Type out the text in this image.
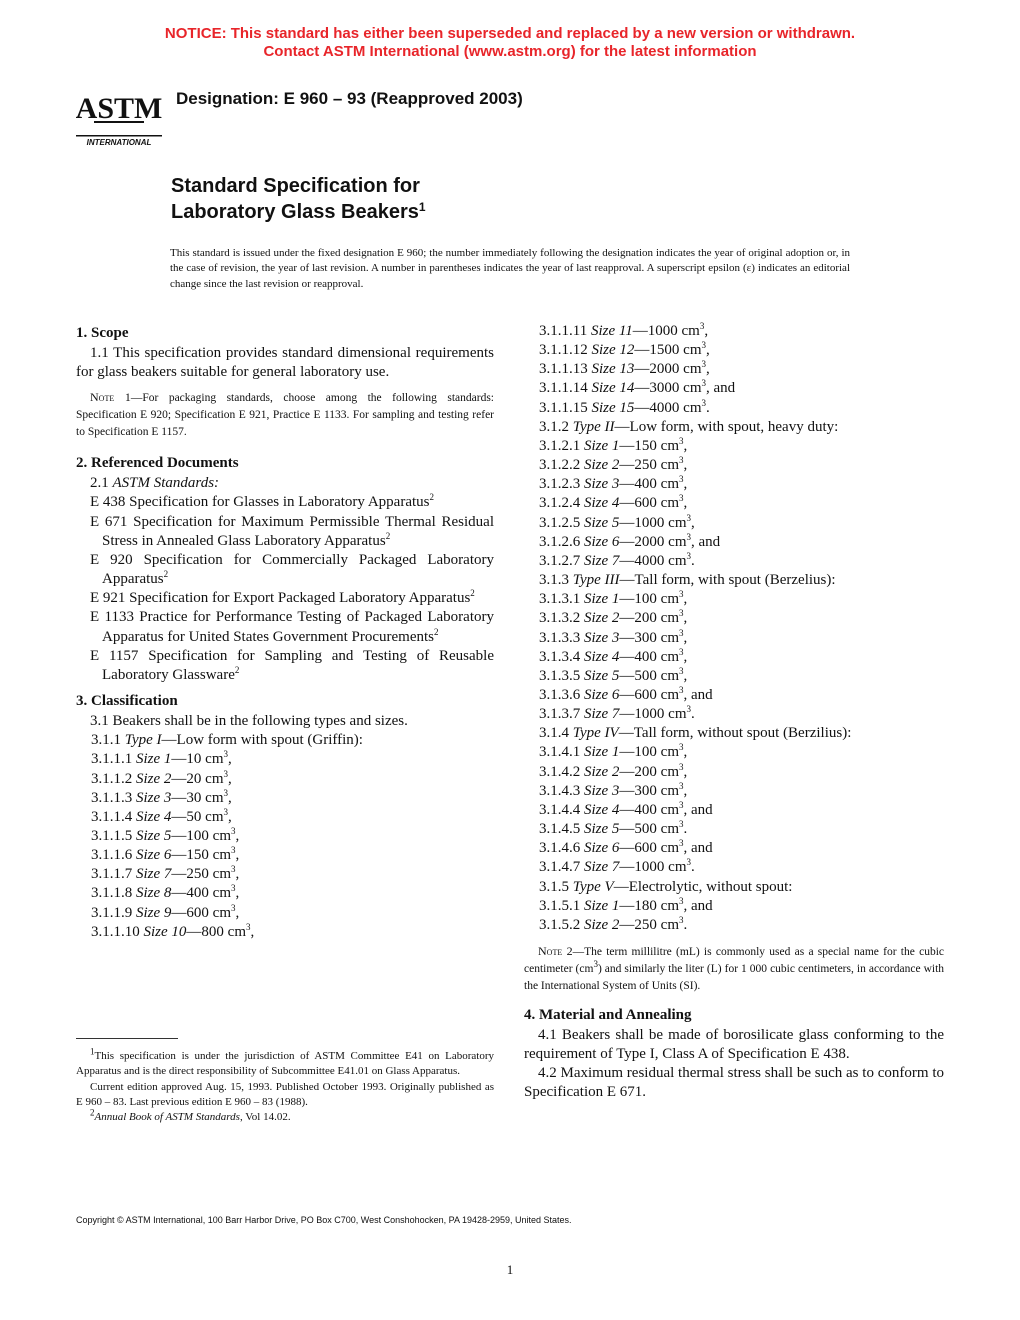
NOTICE: This standard has either been superseded and replaced by a new version or withdrawn.
Contact ASTM International (www.astm.org) for the latest information
ASTM
INTERNATIONAL
Designation: E 960 – 93 (Reapproved 2003)
Standard Specification for
Laboratory Glass Beakers$^1$
This standard is issued under the fixed designation E 960; the number immediately following the designation indicates the year of original adoption or, in the case of revision, the year of last revision. A number in parentheses indicates the year of last reapproval. A superscript epsilon (ε) indicates an editorial change since the last revision or reapproval.

1. Scope

1.1 This specification provides standard dimensional requirements for glass beakers suitable for general laboratory use.

Note 1—For packaging standards, choose among the following standards: Specification E 920; Specification E 921, Practice E 1133. For sampling and testing refer to Specification E 1157.

2. Referenced Documents

2.1 ASTM Standards:

E 438 Specification for Glasses in Laboratory Apparatus$^2$

E 671 Specification for Maximum Permissible Thermal Residual Stress in Annealed Glass Laboratory Apparatus$^2$

E 920 Specification for Commercially Packaged Laboratory Apparatus$^2$

E 921 Specification for Export Packaged Laboratory Apparatus$^2$

E 1133 Practice for Performance Testing of Packaged Laboratory Apparatus for United States Government Procurements$^2$

E 1157 Specification for Sampling and Testing of Reusable Laboratory Glassware$^2$

3. Classification

3.1 Beakers shall be in the following types and sizes.

3.1.1 Type I—Low form with spout (Griffin):

3.1.1.1 Size 1—10 $cm^3$,

3.1.1.2 Size 2—20 $cm^3$,

3.1.1.3 Size 3—30 $cm^3$,

3.1.1.4 Size 4—50 $cm^3$,

3.1.1.5 Size 5—100 $cm^3$,

3.1.1.6 Size 6—150 $cm^3$,

3.1.1.7 Size 7—250 $cm^3$,

3.1.1.8 Size 8—400 $cm^3$,

3.1.1.9 Size 9—600 $cm^3$,

3.1.1.10 Size 10—800 $cm^3$,

3.1.1.11 Size 11—1000 $cm^3$,

3.1.1.12 Size 12—1500 $cm^3$,

3.1.1.13 Size 13—2000 $cm^3$,

3.1.1.14 Size 14—3000 $cm^3$, and

3.1.1.15 Size 15—4000 $cm^3$.

3.1.2 Type II—Low form, with spout, heavy duty:

3.1.2.1 Size 1—150 $cm^3$,

3.1.2.2 Size 2—250 $cm^3$,

3.1.2.3 Size 3—400 $cm^3$,

3.1.2.4 Size 4—600 $cm^3$,

3.1.2.5 Size 5—1000 $cm^3$,

3.1.2.6 Size 6—2000 $cm^3$, and

3.1.2.7 Size 7—4000 $cm^3$.

3.1.3 Type III—Tall form, with spout (Berzelius):

3.1.3.1 Size 1—100 $cm^3$,

3.1.3.2 Size 2—200 $cm^3$,

3.1.3.3 Size 3—300 $cm^3$,

3.1.3.4 Size 4—400 $cm^3$,

3.1.3.5 Size 5—500 $cm^3$,

3.1.3.6 Size 6—600 $cm^3$, and

3.1.3.7 Size 7—1000 $cm^3$.

3.1.4 Type IV—Tall form, without spout (Berzilius):

3.1.4.1 Size 1—100 $cm^3$,

3.1.4.2 Size 2—200 $cm^3$,

3.1.4.3 Size 3—300 $cm^3$,

3.1.4.4 Size 4—400 $cm^3$, and

3.1.4.5 Size 5—500 $cm^3$.

3.1.4.6 Size 6—600 $cm^3$, and

3.1.4.7 Size 7—1000 $cm^3$.

3.1.5 Type V—Electrolytic, without spout:

3.1.5.1 Size 1—180 $cm^3$, and

3.1.5.2 Size 2—250 $cm^3$.

Note 2—The term millilitre (mL) is commonly used as a special name for the cubic centimeter $(cm^3)$ and similarly the liter (L) for 1 000 cubic centimeters, in accordance with the International System of Units (SI).

4. Material and Annealing

4.1 Beakers shall be made of borosilicate glass conforming to the requirement of Type I, Class A of Specification E 438.

4.2 Maximum residual thermal stress shall be such as to conform to Specification E 671.

$^1$This specification is under the jurisdiction of ASTM Committee E41 on Laboratory Apparatus and is the direct responsibility of Subcommittee E41.01 on Glass Apparatus.

Current edition approved Aug. 15, 1993. Published October 1993. Originally published as E 960 – 83. Last previous edition E 960 – 83 (1988).

$^2$Annual Book of ASTM Standards, Vol 14.02.

Copyright © ASTM International, 100 Barr Harbor Drive, PO Box C700, West Conshohocken, PA 19428-2959, United States.
1
